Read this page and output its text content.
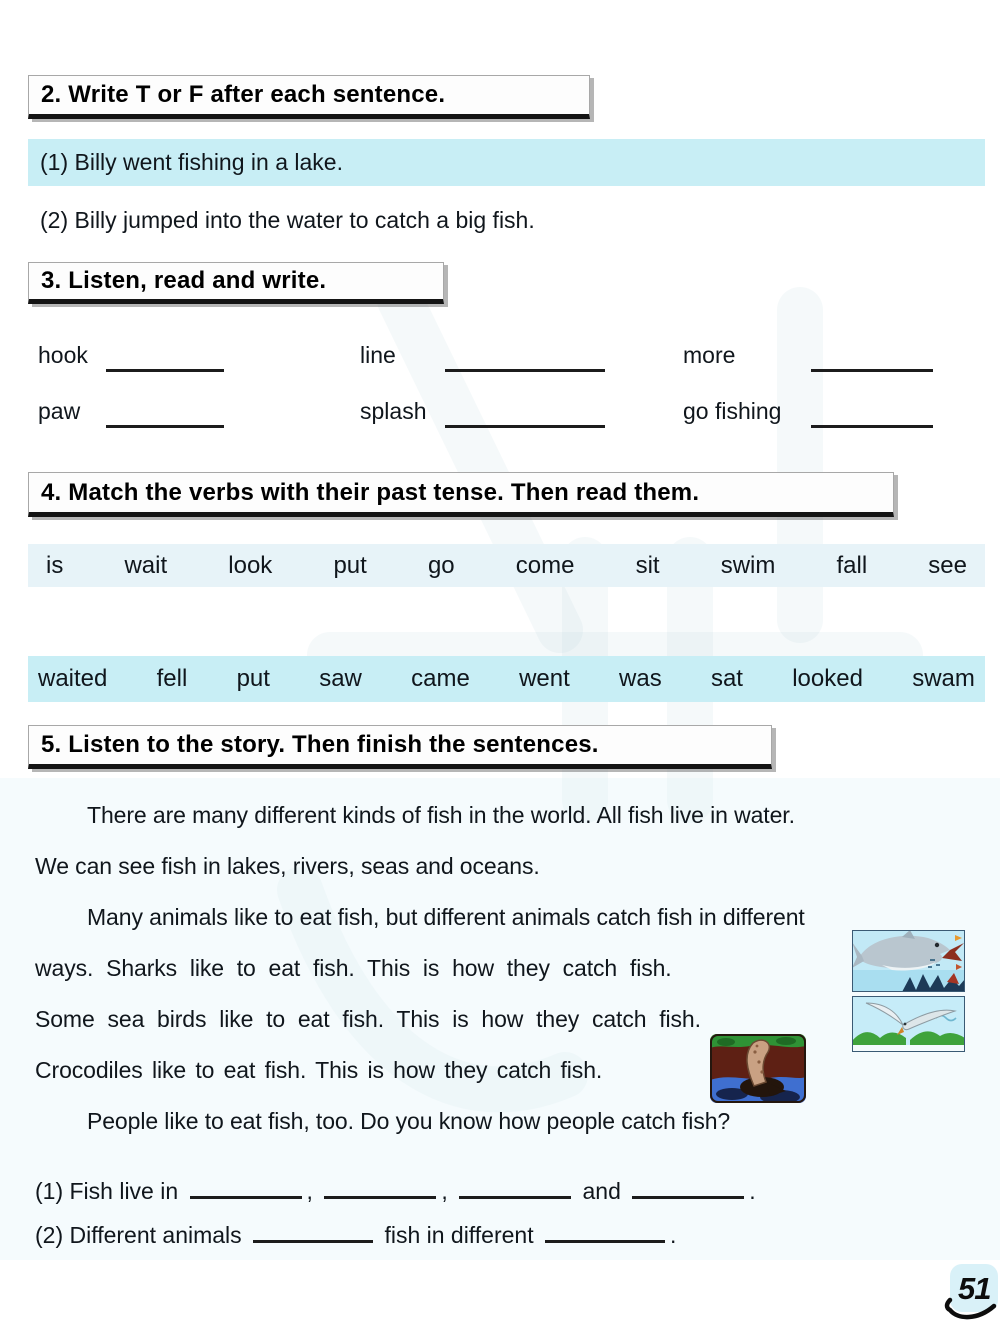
2. Write T or F after each sentence.
(1) Billy went fishing in a lake.
(2) Billy jumped into the water to catch a big fish.
3. Listen, read and write.
hook	line	more
paw	splash	go fishing
4. Match the verbs with their past tense. Then read them.
is	wait	look	put	go	come	sit	swim	fall	see
waited fell put saw came went was sat looked swam
5. Listen to the story. Then finish the sentences.
There are many different kinds of fish in the world. All fish live in water.
We can see fish in lakes, rivers, seas and oceans.
Many animals like to eat fish, but different animals catch fish in different
ways. Sharks like to eat fish. This is how they catch fish.
Some sea birds like to eat fish. This is how they catch fish.
Crocodiles like to eat fish. This is how they catch fish.
People like to eat fish, too. Do you know how people catch fish?
(1) Fish live in	,	,	and	.
(2) Different animals	fish in different	.
51
